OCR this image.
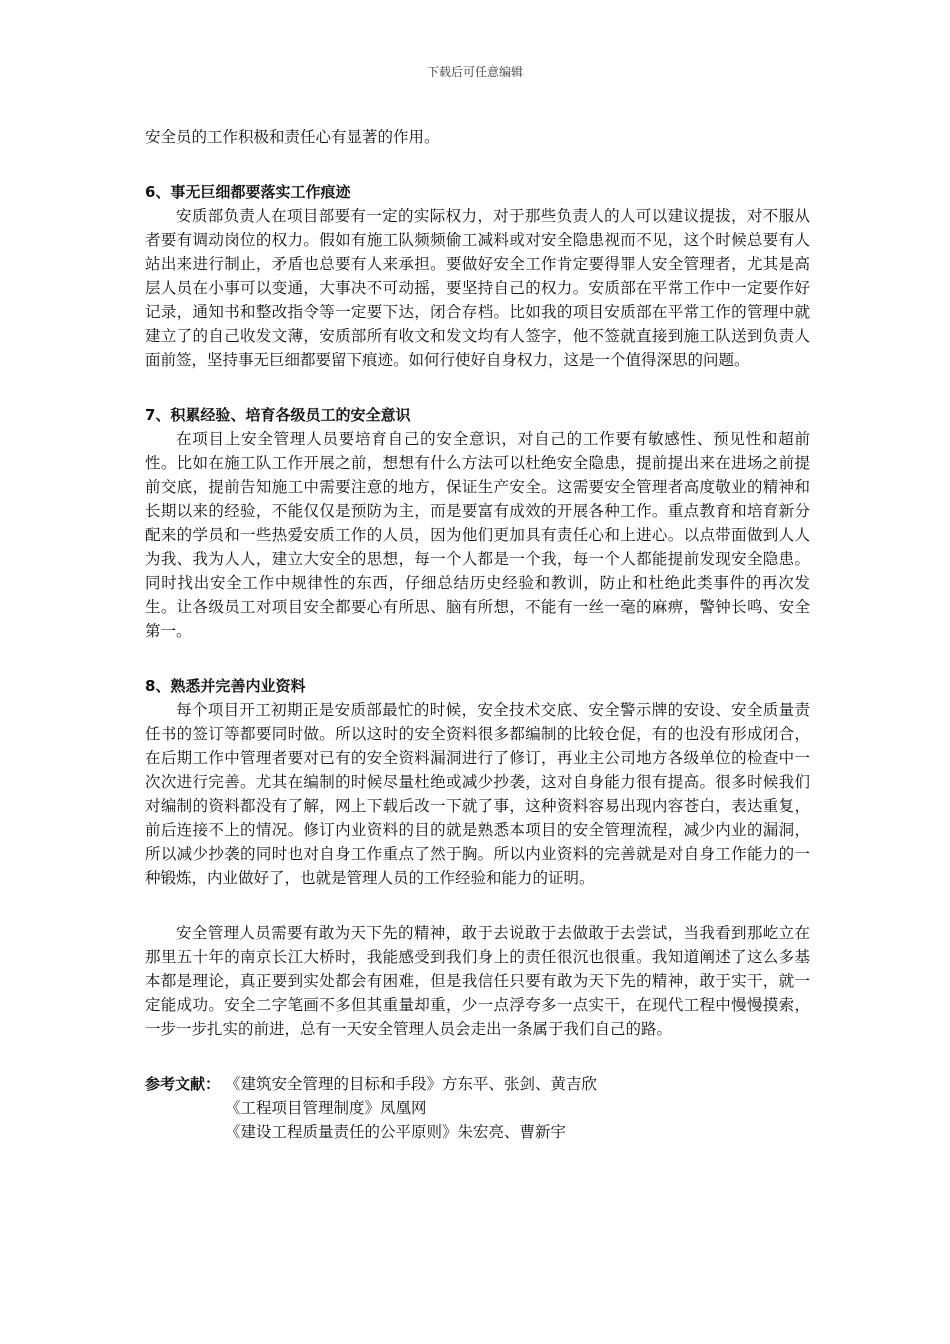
下载后可任意编辑

安全员的工作积极和责任心有显著的作用。

6、事无巨细都要落实工作痕迹

安质部负责人在项目部要有一定的实际权力，对于那些负责人的人可以建议提拔，对不服从者要有调动岗位的权力。假如有施工队频频偷工减料或对安全隐患视而不见，这个时候总要有人站出来进行制止，矛盾也总要有人来承担。要做好安全工作肯定要得罪人安全管理者，尤其是高层人员在小事可以变通，大事决不可动摇，要坚持自己的权力。安质部在平常工作中一定要作好记录，通知书和整改指令等一定要下达，闭合存档。比如我的项目安质部在平常工作的管理中就建立了的自己收发文薄，安质部所有收文和发文均有人签字，他不签就直接到施工队送到负责人面前签，坚持事无巨细都要留下痕迹。如何行使好自身权力，这是一个值得深思的问题。

7、积累经验、培育各级员工的安全意识

在项目上安全管理人员要培育自己的安全意识，对自己的工作要有敏感性、预见性和超前性。比如在施工队工作开展之前，想想有什么方法可以杜绝安全隐患，提前提出来在进场之前提前交底，提前告知施工中需要注意的地方，保证生产安全。这需要安全管理者高度敬业的精神和长期以来的经验，不能仅仅是预防为主，而是要富有成效的开展各种工作。重点教育和培育新分配来的学员和一些热爱安质工作的人员，因为他们更加具有责任心和上进心。以点带面做到人人为我、我为人人，建立大安全的思想，每一个人都是一个我，每一个人都能提前发现安全隐患。同时找出安全工作中规律性的东西，仔细总结历史经验和教训，防止和杜绝此类事件的再次发生。让各级员工对项目安全都要心有所思、脑有所想，不能有一丝一毫的麻痹，警钟长鸣、安全第一。

8、熟悉并完善内业资料

每个项目开工初期正是安质部最忙的时候，安全技术交底、安全警示牌的安设、安全质量责任书的签订等都要同时做。所以这时的安全资料很多都编制的比较仓促，有的也没有形成闭合，在后期工作中管理者要对已有的安全资料漏洞进行了修订，再业主公司地方各级单位的检查中一次次进行完善。尤其在编制的时候尽量杜绝或减少抄袭，这对自身能力很有提高。很多时候我们对编制的资料都没有了解，网上下载后改一下就了事，这种资料容易出现内容苍白，表达重复，前后连接不上的情况。修订内业资料的目的就是熟悉本项目的安全管理流程，减少内业的漏洞，所以减少抄袭的同时也对自身工作重点了然于胸。所以内业资料的完善就是对自身工作能力的一种锻炼，内业做好了，也就是管理人员的工作经验和能力的证明。

安全管理人员需要有敢为天下先的精神，敢于去说敢于去做敢于去尝试，当我看到那屹立在那里五十年的南京长江大桥时，我能感受到我们身上的责任很沉也很重。我知道阐述了这么多基本都是理论，真正要到实处都会有困难，但是我信任只要有敢为天下先的精神，敢于实干，就一定能成功。安全二字笔画不多但其重量却重，少一点浮夸多一点实干，在现代工程中慢慢摸索，一步一步扎实的前进，总有一天安全管理人员会走出一条属于我们自己的路。

参考文献： 《建筑安全管理的目标和手段》方东平、张剑、黄吉欣
《工程项目管理制度》凤凰网
《建设工程质量责任的公平原则》朱宏亮、曹新宇
